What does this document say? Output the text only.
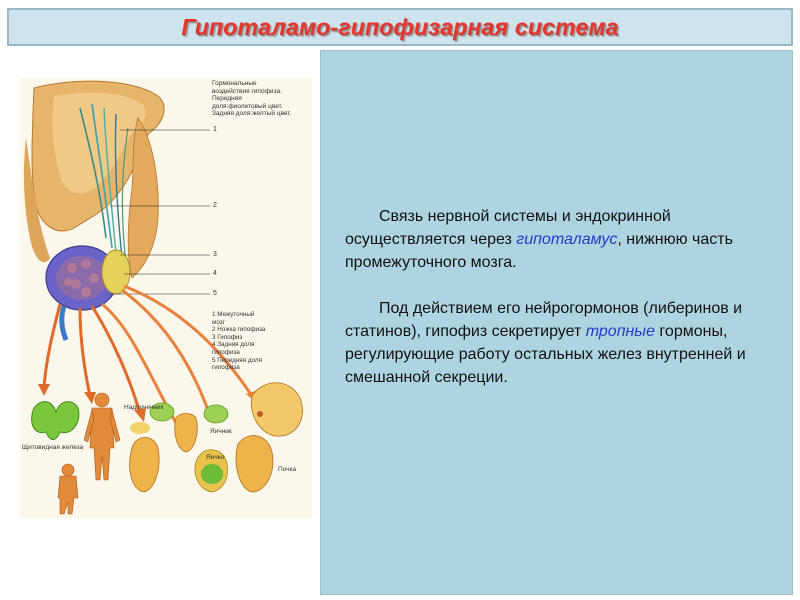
Гипоталамо-гипофизарная система
Гормональные
воздействия гипофиза.
Передняя
доля:фиолетовый цвет.
Задняя доля:желтый цвет.
1
2
3
4
5
1 Межуточный
мозг
2 Ножка гипофиза
3 Гипофиз
4 Задняя доля
гипофиза
5 Передняя доля
гипофиза
Щитовидная железа
Надпочечник
Яичник
Яичко
Почка
Связь нервной системы и эндокринной осуществляется через гипоталамус, нижнюю часть промежуточного мозга.
Под действием его нейрогормонов (либеринов и статинов), гипофиз секретирует тропные гормоны, регулирующие работу остальных желез внутренней и смешанной секреции.
